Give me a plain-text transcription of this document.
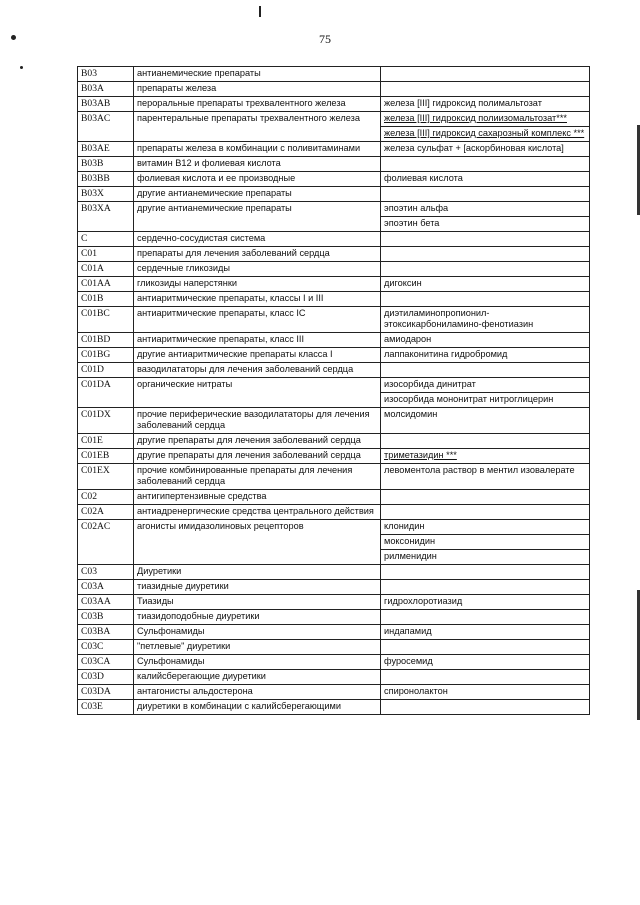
75
B03	антианемические препараты	
B03A	препараты железа	
B03AB	пероральные препараты трехвалентного железа	железа [III] гидроксид полимальтозат

B03AC	парентеральные препараты трехвалентного железа	железа [III] гидроксид полиизомальтозат***
железа [III] гидроксид сахарозный комплекс ***

B03AE	препараты железа в комбинации с поливитаминами	железа сульфат + [аскорбиновая кислота]

B03B	витамин B12 и фолиевая кислота	
B03BB	фолиевая кислота и ее производные	фолиевая кислота

B03X	другие антианемические препараты	
B03XA	другие антианемические препараты	эпоэтин альфа
эпоэтин бета

C	сердечно-сосудистая система	
C01	препараты для лечения заболеваний сердца	
C01A	сердечные гликозиды	
C01AA	гликозиды наперстянки	дигоксин

C01B	антиаритмические препараты, классы I и III	
C01BC	антиаритмические препараты, класс IC	диэтиламинопропионил-этоксикарбониламино-фенотиазин

C01BD	антиаритмические препараты, класс III	амиодарон

C01BG	другие антиаритмические препараты класса I	лаппаконитина гидробромид

C01D	вазодилататоры для лечения заболеваний сердца	
C01DA	органические нитраты	изосорбида динитрат
изосорбида мононитрат нитроглицерин

C01DX	прочие периферические вазодилататоры для лечения заболеваний сердца	молсидомин

C01E	другие препараты для лечения заболеваний сердца	
C01EB	другие препараты для лечения заболеваний сердца	триметазидин ***

C01EX	прочие комбинированные препараты для лечения заболеваний сердца	левоментола раствор в ментил изовалерате

C02	антигипертензивные средства	
C02A	антиадренергические средства центрального действия	
C02AC	агонисты имидазолиновых рецепторов	клонидин
моксонидин
рилменидин

C03	Диуретики	
C03A	тиазидные диуретики	
C03AA	Тиазиды	гидрохлоротиазид

C03B	тиазидоподобные диуретики	
C03BA	Сульфонамиды	индапамид

C03C	"петлевые" диуретики	
C03CA	Сульфонамиды	фуросемид

C03D	калийсберегающие диуретики	
C03DA	антагонисты альдостерона	спиронолактон

C03E	диуретики в комбинации с калийсберегающими	
